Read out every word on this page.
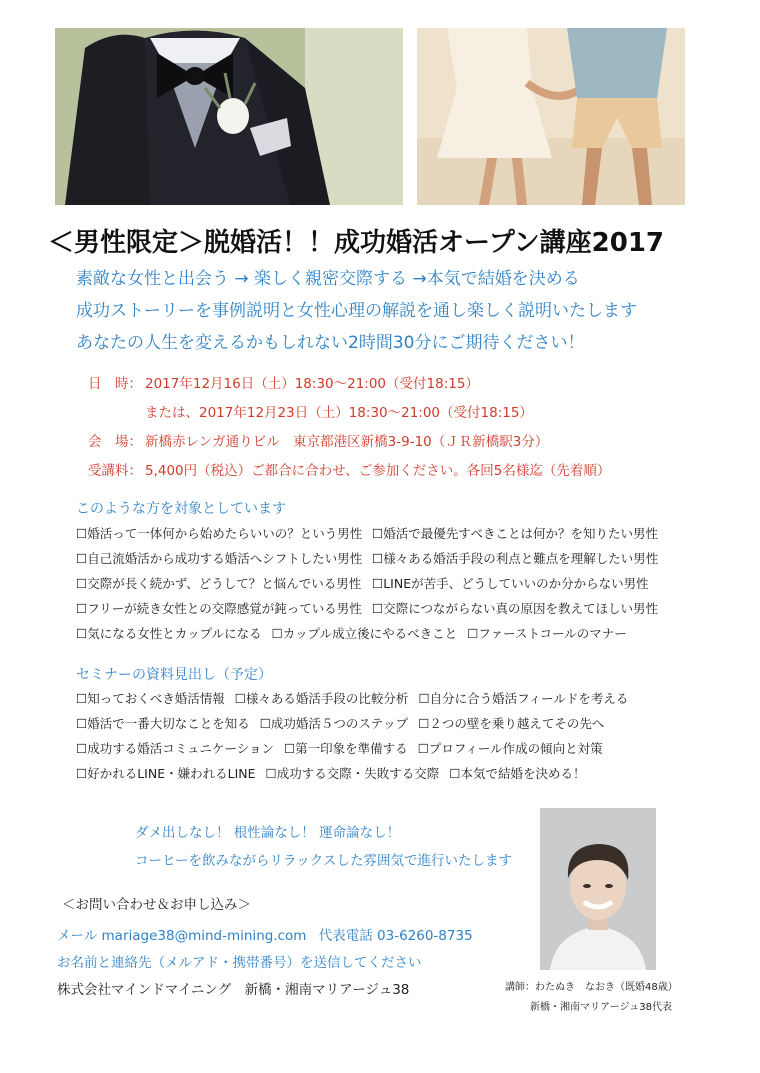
＜男性限定＞脱婚活！！成功婚活オープン講座2017
素敵な女性と出会う → 楽しく親密交際する →本気で結婚を決める
成功ストーリーを事例説明と女性心理の解説を通し楽しく説明いたします
あなたの人生を変えるかもしれない2時間30分にご期待ください！
日　時： 2017年12月16日（土）18:30～21:00（受付18:15）
または、2017年12月23日（土）18:30～21:00（受付18:15）
会　場： 新橋赤レンガ通りビル　東京都港区新橋3-9-10（ＪＲ新橋駅3分）
受講料： 5,400円（税込）ご都合に合わせ、ご参加ください。各回5名様迄（先着順）
このような方を対象としています
☐婚活って一体何から始めたらいいの？という男性 ☐婚活で最優先すべきことは何か？を知りたい男性
☐自己流婚活から成功する婚活へシフトしたい男性 ☐様々ある婚活手段の利点と難点を理解したい男性
☐交際が長く続かず、どうして？と悩んでいる男性 ☐LINEが苦手、どうしていいのか分からない男性
☐フリーが続き女性との交際感覚が鈍っている男性 ☐交際につながらない真の原因を教えてほしい男性
☐気になる女性とカップルになる ☐カップル成立後にやるべきこと ☐ファーストコールのマナー
セミナーの資料見出し（予定）
☐知っておくべき婚活情報 ☐様々ある婚活手段の比較分析 ☐自分に合う婚活フィールドを考える
☐婚活で一番大切なことを知る ☐成功婚活５つのステップ ☐２つの壁を乗り越えてその先へ
☐成功する婚活コミュニケーション ☐第一印象を準備する ☐プロフィール作成の傾向と対策
☐好かれるLINE・嫌われるLINE ☐成功する交際・失敗する交際 ☐本気で結婚を決める！
ダメ出しなし！ 根性論なし！ 運命論なし！
コーヒーを飲みながらリラックスした雰囲気で進行いたします
講師：わたぬき　なおき（既婚48歳）
新橋・湘南マリアージュ38代表
＜お問い合わせ＆お申し込み＞
メール mariage38@mind-mining.com 代表電話 03-6260-8735
お名前と連絡先（メルアド・携帯番号）を送信してください
株式会社マインドマイニング　新橋・湘南マリアージュ38
